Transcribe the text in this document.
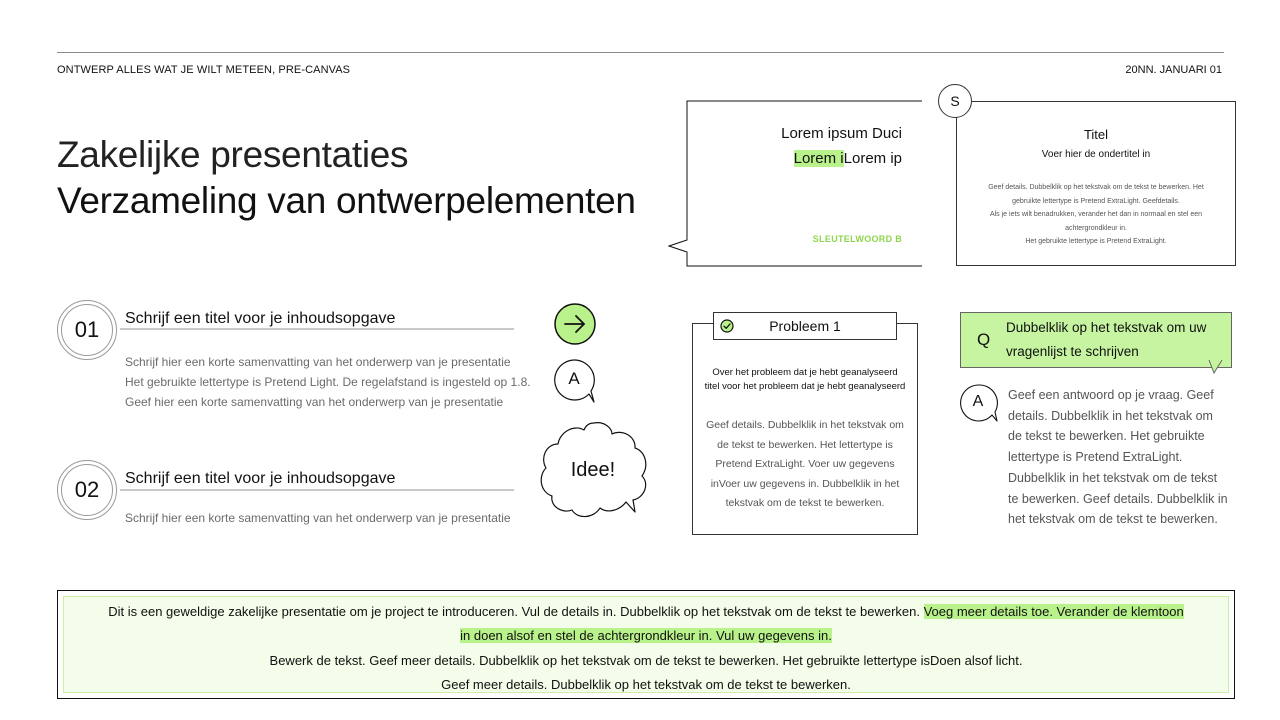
ONTWERP ALLES WAT JE WILT METEEN, PRE-CANVAS	20NN. JANUARI 01
Zakelijke presentaties
Verzameling van ontwerpelementen
01	Schrijf een titel voor je inhoudsopgave
Schrijf hier een korte samenvatting van het onderwerp van je presentatie
Het gebruikte lettertype is Pretend Light. De regelafstand is ingesteld op 1.8.
Geef hier een korte samenvatting van het onderwerp van je presentatie
02	Schrijf een titel voor je inhoudsopgave
Schrijf hier een korte samenvatting van het onderwerp van je presentatie
A
Idee!
Lorem ipsum Duci
Lorem iLorem ip
SLEUTELWOORD B
S
Titel
Voer hier de ondertitel in
Geef details. Dubbelklik op het tekstvak om de tekst te bewerken. Het
gebruikte lettertype is Pretend ExtraLight. Geefdetails.
Als je iets wilt benadrukken, verander het dan in normaal en stel een
achtergrondkleur in.
Het gebruikte lettertype is Pretend ExtraLight.
Probleem 1
Over het probleem dat je hebt geanalyseerd
titel voor het probleem dat je hebt geanalyseerd
Geef details. Dubbelklik in het tekstvak om
de tekst te bewerken. Het lettertype is
Pretend ExtraLight. Voer uw gegevens
inVoer uw gegevens in. Dubbelklik in het
tekstvak om de tekst te bewerken.
Q
Dubbelklik op het tekstvak om uw vragenlijst te schrijven
A	Geef een antwoord op je vraag. Geef details. Dubbelklik in het tekstvak om de tekst te bewerken. Het gebruikte lettertype is Pretend ExtraLight. Dubbelklik in het tekstvak om de tekst te bewerken. Geef details. Dubbelklik in het tekstvak om de tekst te bewerken.
Dit is een geweldige zakelijke presentatie om je project te introduceren. Vul de details in. Dubbelklik op het tekstvak om de tekst te bewerken. Voeg meer details toe. Verander de klemtoon
in doen alsof en stel de achtergrondkleur in. Vul uw gegevens in.
Bewerk de tekst. Geef meer details. Dubbelklik op het tekstvak om de tekst te bewerken. Het gebruikte lettertype isDoen alsof licht.
Geef meer details. Dubbelklik op het tekstvak om de tekst te bewerken.
